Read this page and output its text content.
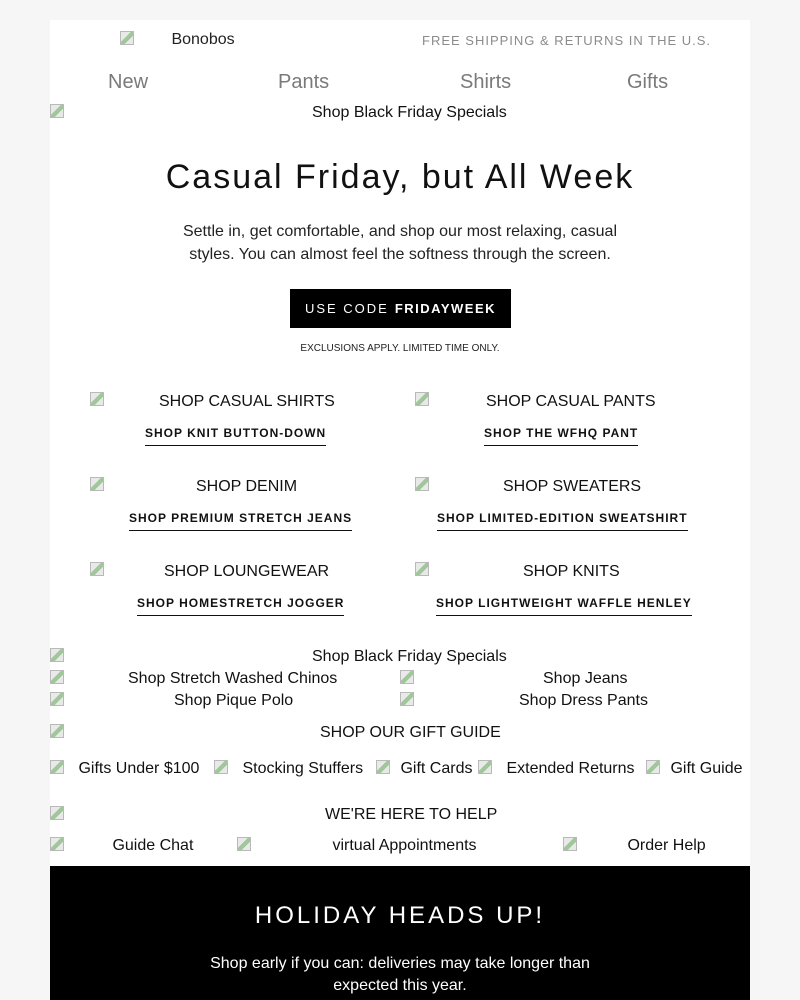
Bonobos	FREE SHIPPING & RETURNS IN THE U.S.
New	Pants	Shirts	Gifts
Shop Black Friday Specials
Casual Friday, but All Week
Settle in, get comfortable, and shop our most relaxing, casual styles. You can almost feel the softness through the screen.
USE CODE FRIDAYWEEK
EXCLUSIONS APPLY. LIMITED TIME ONLY.
SHOP CASUAL SHIRTS
SHOP KNIT BUTTON-DOWN
SHOP CASUAL PANTS
SHOP THE WFHQ PANT
SHOP DENIM
SHOP PREMIUM STRETCH JEANS
SHOP SWEATERS
SHOP LIMITED-EDITION SWEATSHIRT
SHOP LOUNGEWEAR
SHOP HOMESTRETCH JOGGER
SHOP KNITS
SHOP LIGHTWEIGHT WAFFLE HENLEY
Shop Black Friday Specials
Shop Stretch Washed Chinos	Shop Jeans
Shop Pique Polo	Shop Dress Pants
SHOP OUR GIFT GUIDE
Gifts Under $100	Stocking Stuffers	Gift Cards	Extended Returns	Gift Guide
WE'RE HERE TO HELP
Guide Chat	virtual Appointments	Order Help
HOLIDAY HEADS UP!
Shop early if you can: deliveries may take longer than expected this year.
